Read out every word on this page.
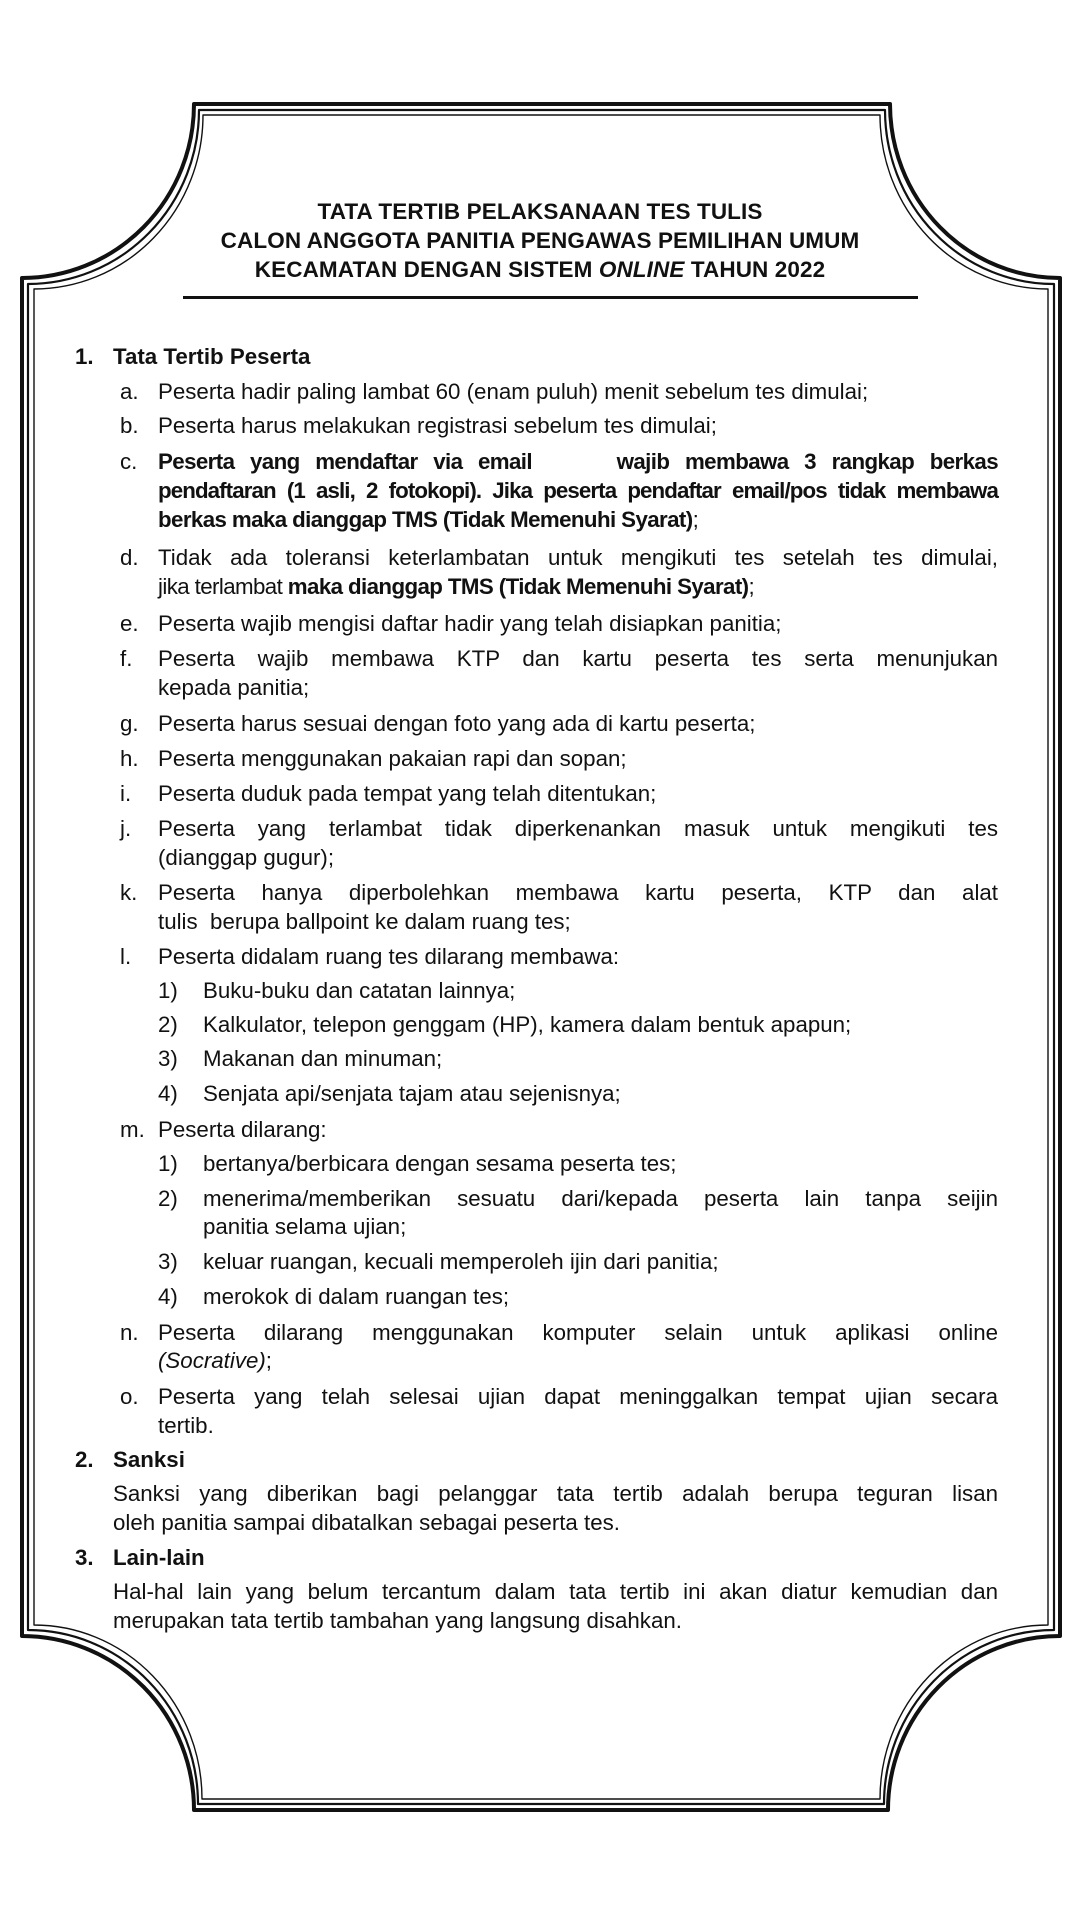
TATA TERTIB PELAKSANAAN TES TULIS
CALON ANGGOTA PANITIA PENGAWAS PEMILIHAN UMUM
KECAMATAN DENGAN SISTEM ONLINE TAHUN 2022
1. Tata Tertib Peserta
a. Peserta hadir paling lambat 60 (enam puluh) menit sebelum tes dimulai;
b. Peserta harus melakukan registrasi sebelum tes dimulai;
c. Peserta yang mendaftar via email	wajib membawa 3 rangkap berkas
pendaftaran (1 asli, 2 fotokopi). Jika peserta pendaftar email/pos tidak membawa
berkas maka dianggap TMS (Tidak Memenuhi Syarat);
d. Tidak ada toleransi keterlambatan untuk mengikuti tes setelah tes dimulai,
jika terlambat maka dianggap TMS (Tidak Memenuhi Syarat);
e. Peserta wajib mengisi daftar hadir yang telah disiapkan panitia;
f. Peserta wajib membawa KTP dan kartu peserta tes serta menunjukan
kepada panitia;
g. Peserta harus sesuai dengan foto yang ada di kartu peserta;
h. Peserta menggunakan pakaian rapi dan sopan;
i. Peserta duduk pada tempat yang telah ditentukan;
j. Peserta yang terlambat tidak diperkenankan masuk untuk mengikuti tes
(dianggap gugur);
k. Peserta hanya diperbolehkan membawa kartu peserta, KTP dan alat
tulis  berupa ballpoint ke dalam ruang tes;
l. Peserta didalam ruang tes dilarang membawa:
1) Buku-buku dan catatan lainnya;
2) Kalkulator, telepon genggam (HP), kamera dalam bentuk apapun;
3) Makanan dan minuman;
4) Senjata api/senjata tajam atau sejenisnya;
m. Peserta dilarang:
1) bertanya/berbicara dengan sesama peserta tes;
2) menerima/memberikan sesuatu dari/kepada peserta lain tanpa seijin
panitia selama ujian;
3) keluar ruangan, kecuali memperoleh ijin dari panitia;
4) merokok di dalam ruangan tes;
n. Peserta dilarang menggunakan komputer selain untuk aplikasi online
(Socrative);
o. Peserta yang telah selesai ujian dapat meninggalkan tempat ujian secara
tertib.
2. Sanksi
Sanksi yang diberikan bagi pelanggar tata tertib adalah berupa teguran lisan
oleh panitia sampai dibatalkan sebagai peserta tes.
3. Lain-lain
Hal-hal lain yang belum tercantum dalam tata tertib ini akan diatur kemudian dan
merupakan tata tertib tambahan yang langsung disahkan.
